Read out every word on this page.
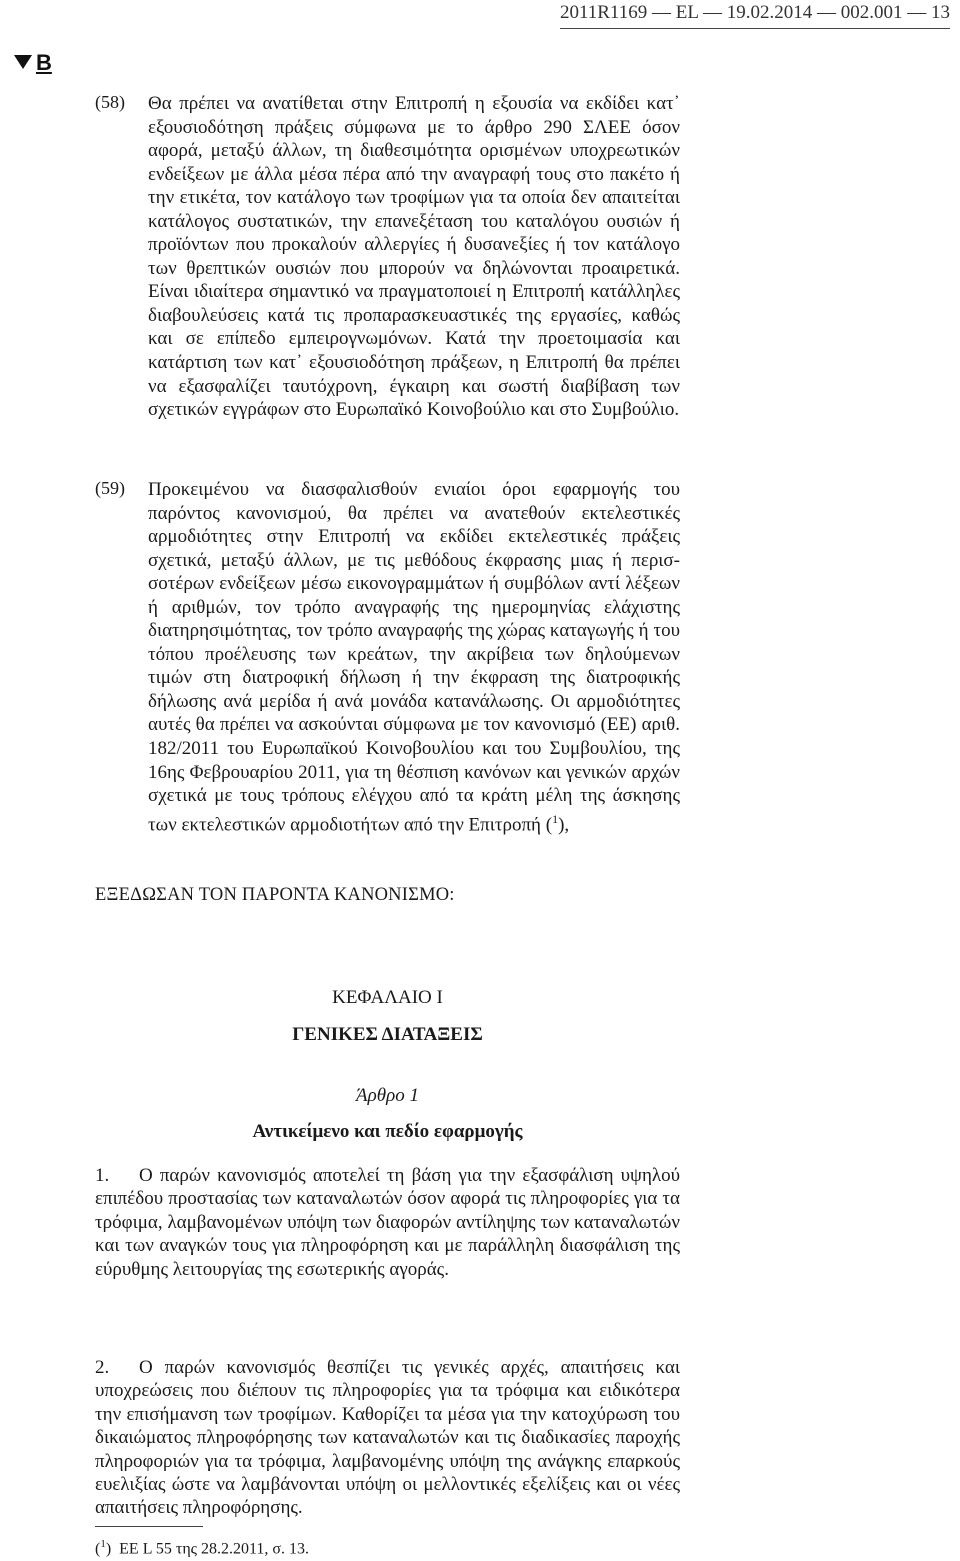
2011R1169 — EL — 19.02.2014 — 002.001 — 13
B
(58) Θα πρέπει να ανατίθεται στην Επιτροπή η εξουσία να εκδίδει κατ᾽ εξουσιοδότηση πράξεις σύμφωνα με το άρθρο 290 ΣΛΕΕ όσον αφορά, μεταξύ άλλων, τη διαθεσιμότητα ορισμένων υποχρεωτικών ενδείξεων με άλλα μέσα πέρα από την αναγραφή τους στο πακέτο ή την ετικέτα, τον κατάλογο των τροφίμων για τα οποία δεν απαιτείται κατάλογος συστατικών, την επανεξέταση του καταλόγου ουσιών ή προϊόντων που προκαλούν αλλεργίες ή δυσανεξίες ή τον κατάλογο των θρεπτικών ουσιών που μπορούν να δηλώνονται προαιρετικά. Είναι ιδιαίτερα σημαντικό να πραγματοποιεί η Επιτροπή κατάλληλες διαβουλεύσεις κατά τις προπαρασκευαστικές της εργασίες, καθώς και σε επίπεδο εμπειρογνωμόνων. Κατά την προετοιμασία και κατάρτιση των κατ᾽ εξουσιοδότηση πράξεων, η Επιτροπή θα πρέπει να εξασφαλίζει ταυτόχρονη, έγκαιρη και σωστή διαβίβαση των σχετικών εγγράφων στο Ευρωπαϊκό Κοινοβούλιο και στο Συμβούλιο.
(59) Προκειμένου να διασφαλισθούν ενιαίοι όροι εφαρμογής του παρόντος κανονισμού, θα πρέπει να ανατεθούν εκτελεστικές αρμοδιότητες στην Επιτροπή να εκδίδει εκτελεστικές πράξεις σχετικά, μεταξύ άλλων, με τις μεθόδους έκφρασης μιας ή περισσοτέρων ενδείξεων μέσω εικονογραμμάτων ή συμβόλων αντί λέξεων ή αριθμών, τον τρόπο αναγραφής της ημερομηνίας ελάχιστης διατηρησιμότητας, τον τρόπο αναγραφής της χώρας καταγωγής ή του τόπου προέλευσης των κρεάτων, την ακρίβεια των δηλούμενων τιμών στη διατροφική δήλωση ή την έκφραση της διατροφικής δήλωσης ανά μερίδα ή ανά μονάδα κατανάλωσης. Οι αρμοδιότητες αυτές θα πρέπει να ασκούνται σύμφωνα με τον κανονισμό (ΕΕ) αριθ. 182/2011 του Ευρωπαϊκού Κοινοβουλίου και του Συμβουλίου, της 16ης Φεβρουαρίου 2011, για τη θέσπιση κανόνων και γενικών αρχών σχετικά με τους τρόπους ελέγχου από τα κράτη μέλη της άσκησης των εκτελεστικών αρμοδιοτήτων από την Επιτροπή ($^1$),
ΕΞΕΔΩΣΑΝ ΤΟΝ ΠΑΡΟΝΤΑ ΚΑΝΟΝΙΣΜΟ:
ΚΕΦΑΛΑΙΟ I
ΓΕΝΙΚΕΣ ΔΙΑΤΑΞΕΙΣ
Άρθρο 1
Αντικείμενο και πεδίο εφαρμογής
1. Ο παρών κανονισμός αποτελεί τη βάση για την εξασφάλιση υψηλού επιπέδου προστασίας των καταναλωτών όσον αφορά τις πληροφορίες για τα τρόφιμα, λαμβανομένων υπόψη των διαφορών αντίληψης των καταναλωτών και των αναγκών τους για πληροφόρηση και με παράλληλη διασφάλιση της εύρυθμης λειτουργίας της εσωτερικής αγοράς.
2. Ο παρών κανονισμός θεσπίζει τις γενικές αρχές, απαιτήσεις και υποχρεώσεις που διέπουν τις πληροφορίες για τα τρόφιμα και ειδικότερα την επισήμανση των τροφίμων. Καθορίζει τα μέσα για την κατοχύρωση του δικαιώματος πληροφόρησης των καταναλωτών και τις διαδικασίες παροχής πληροφοριών για τα τρόφιμα, λαμβανομένης υπόψη της ανάγκης επαρκούς ευελιξίας ώστε να λαμβάνονται υπόψη οι μελλοντικές εξελίξεις και οι νέες απαιτήσεις πληροφόρησης.
($^1$)  ΕΕ L 55 της 28.2.2011, σ. 13.
